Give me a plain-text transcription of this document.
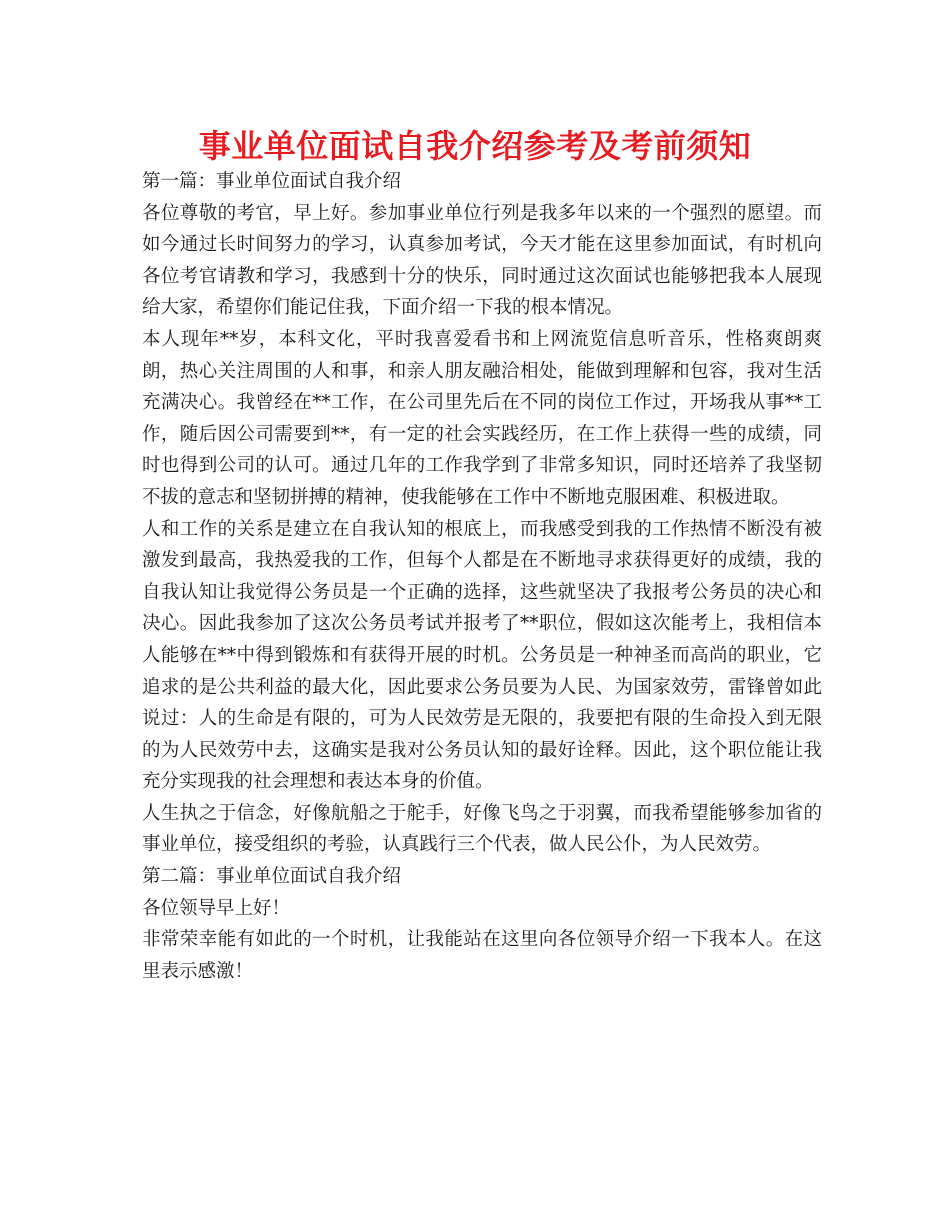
事业单位面试自我介绍参考及考前须知

第一篇：事业单位面试自我介绍

各位尊敬的考官，早上好。参加事业单位行列是我多年以来的一个强烈的愿望。而如今通过长时间努力的学习，认真参加考试，今天才能在这里参加面试，有时机向各位考官请教和学习，我感到十分的快乐，同时通过这次面试也能够把我本人展现给大家，希望你们能记住我，下面介绍一下我的根本情况。

本人现年**岁，本科文化，平时我喜爱看书和上网流览信息听音乐，性格爽朗爽朗，热心关注周围的人和事，和亲人朋友融洽相处，能做到理解和包容，我对生活充满决心。我曾经在**工作，在公司里先后在不同的岗位工作过，开场我从事**工作，随后因公司需要到**，有一定的社会实践经历，在工作上获得一些的成绩，同时也得到公司的认可。通过几年的工作我学到了非常多知识，同时还培养了我坚韧不拔的意志和坚韧拼搏的精神，使我能够在工作中不断地克服困难、积极进取。

人和工作的关系是建立在自我认知的根底上，而我感受到我的工作热情不断没有被激发到最高，我热爱我的工作，但每个人都是在不断地寻求获得更好的成绩，我的自我认知让我觉得公务员是一个正确的选择，这些就坚决了我报考公务员的决心和决心。因此我参加了这次公务员考试并报考了**职位，假如这次能考上，我相信本人能够在**中得到锻炼和有获得开展的时机。公务员是一种神圣而高尚的职业，它追求的是公共利益的最大化，因此要求公务员要为人民、为国家效劳，雷锋曾如此说过：人的生命是有限的，可为人民效劳是无限的，我要把有限的生命投入到无限的为人民效劳中去，这确实是我对公务员认知的最好诠释。因此，这个职位能让我充分实现我的社会理想和表达本身的价值。

人生执之于信念，好像航船之于舵手，好像飞鸟之于羽翼，而我希望能够参加省的事业单位，接受组织的考验，认真践行三个代表，做人民公仆，为人民效劳。

第二篇：事业单位面试自我介绍

各位领导早上好！

非常荣幸能有如此的一个时机，让我能站在这里向各位领导介绍一下我本人。在这里表示感激！
